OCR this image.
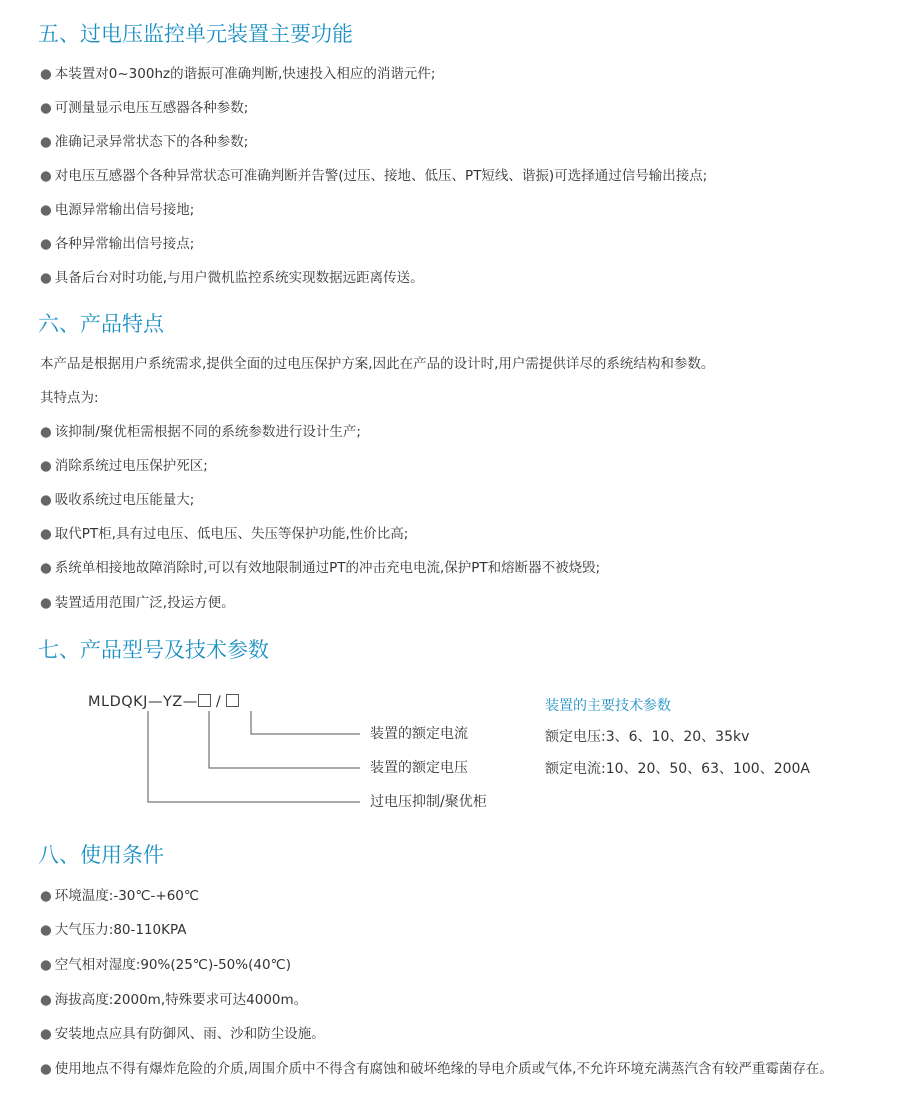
五、过电压监控单元装置主要功能
● 本装置对0~300hz的谐振可准确判断,快速投入相应的消谐元件;
● 可测量显示电压互感器各种参数;
● 准确记录异常状态下的各种参数;
● 对电压互感器个各种异常状态可准确判断并告警(过压、接地、低压、PT短线、谐振)可选择通过信号输出接点;
● 电源异常输出信号接地;
● 各种异常输出信号接点;
● 具备后台对时功能,与用户微机监控系统实现数据远距离传送。
六、产品特点
本产品是根据用户系统需求,提供全面的过电压保护方案,因此在产品的设计时,用户需提供详尽的系统结构和参数。
其特点为:
● 该抑制/聚优柜需根据不同的系统参数进行设计生产;
● 消除系统过电压保护死区;
● 吸收系统过电压能量大;
● 取代PT柜,具有过电压、低电压、失压等保护功能,性价比高;
● 系统单相接地故障消除时,可以有效地限制通过PT的冲击充电电流,保护PT和熔断器不被烧毁;
● 装置适用范围广泛,投运方便。
七、产品型号及技术参数
MLDQKJ—YZ— /
装置的额定电流
装置的额定电压
过电压抑制/聚优柜
装置的主要技术参数
额定电压:3、6、10、20、35kv
额定电流:10、20、50、63、100、200A
八、使用条件
● 环境温度:-30℃-+60℃
● 大气压力:80-110KPA
● 空气相对湿度:90%(25℃)-50%(40℃)
● 海拔高度:2000m,特殊要求可达4000m。
● 安装地点应具有防御风、雨、沙和防尘设施。
● 使用地点不得有爆炸危险的介质,周围介质中不得含有腐蚀和破坏绝缘的导电介质或气体,不允许环境充满蒸汽含有较严重霉菌存在。
